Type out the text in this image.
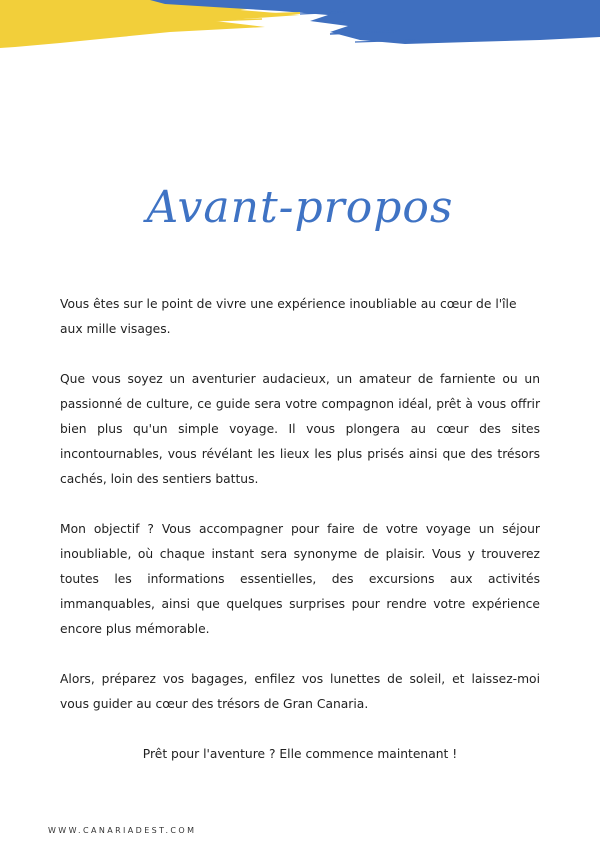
Avant-propos

Vous êtes sur le point de vivre une expérience inoubliable au cœur de l'île aux mille visages.

Que vous soyez un aventurier audacieux, un amateur de farniente ou un passionné de culture, ce guide sera votre compagnon idéal, prêt à vous offrir bien plus qu'un simple voyage. Il vous plongera au cœur des sites incontournables, vous révélant les lieux les plus prisés ainsi que des trésors cachés, loin des sentiers battus.

Mon objectif ? Vous accompagner pour faire de votre voyage un séjour inoubliable, où chaque instant sera synonyme de plaisir. Vous y trouverez toutes les informations essentielles, des excursions aux activités immanquables, ainsi que quelques surprises pour rendre votre expérience encore plus mémorable.

Alors, préparez vos bagages, enfilez vos lunettes de soleil, et laissez-moi vous guider au cœur des trésors de Gran Canaria.

Prêt pour l'aventure ? Elle commence maintenant !

WWW.CANARIADEST.COM
